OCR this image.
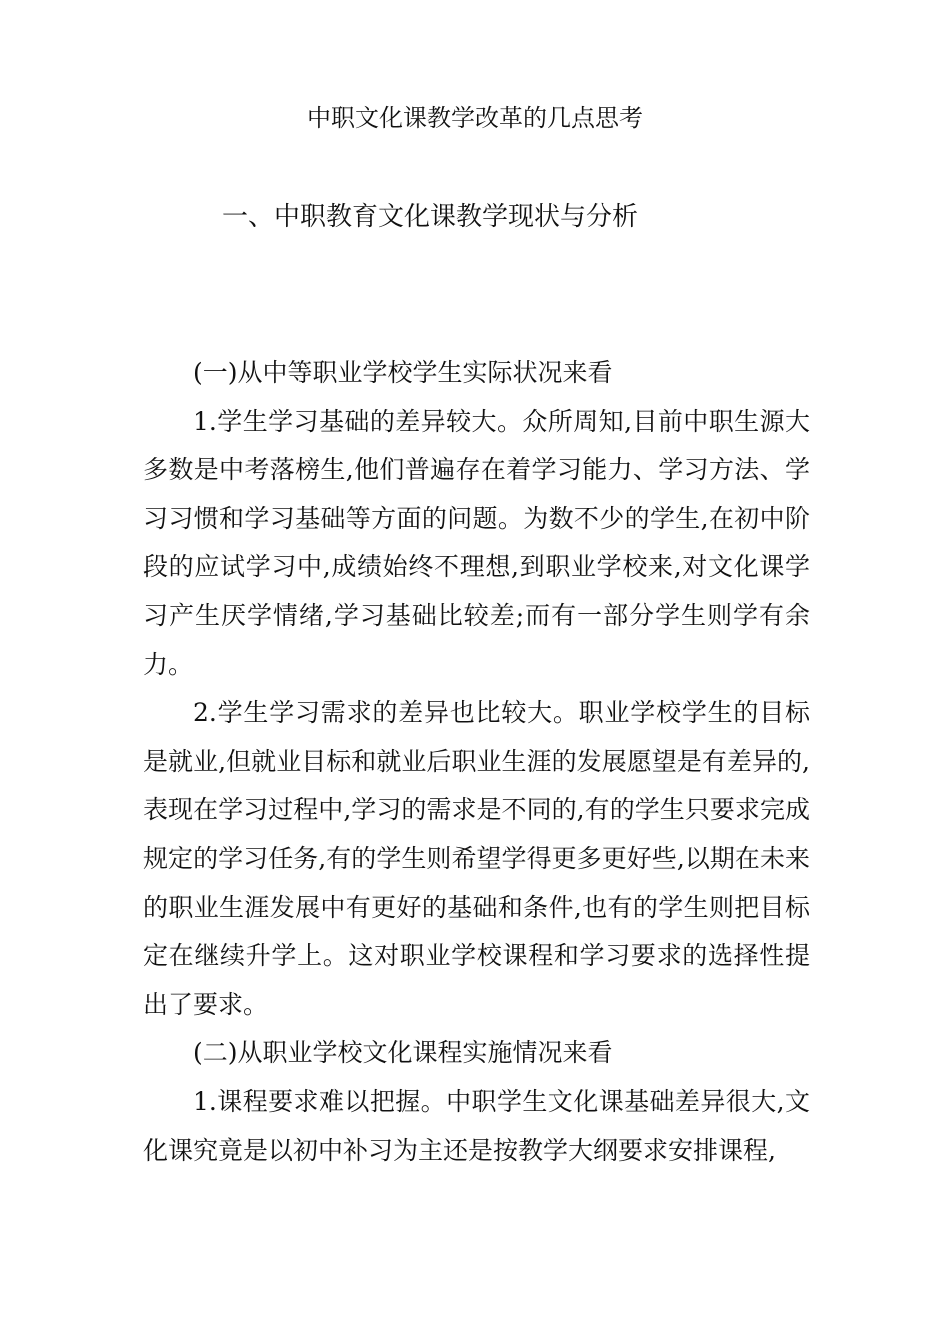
中职文化课教学改革的几点思考
一、中职教育文化课教学现状与分析

(一)从中等职业学校学生实际状况来看

1.学生学习基础的差异较大。众所周知,目前中职生源大多数是中考落榜生,他们普遍存在着学习能力、学习方法、学习习惯和学习基础等方面的问题。为数不少的学生,在初中阶段的应试学习中,成绩始终不理想,到职业学校来,对文化课学习产生厌学情绪,学习基础比较差;而有一部分学生则学有余力。

2.学生学习需求的差异也比较大。职业学校学生的目标是就业,但就业目标和就业后职业生涯的发展愿望是有差异的,表现在学习过程中,学习的需求是不同的,有的学生只要求完成规定的学习任务,有的学生则希望学得更多更好些,以期在未来的职业生涯发展中有更好的基础和条件,也有的学生则把目标定在继续升学上。这对职业学校课程和学习要求的选择性提出了要求。

(二)从职业学校文化课程实施情况来看

1.课程要求难以把握。中职学生文化课基础差异很大,文化课究竟是以初中补习为主还是按教学大纲要求安排课程,
